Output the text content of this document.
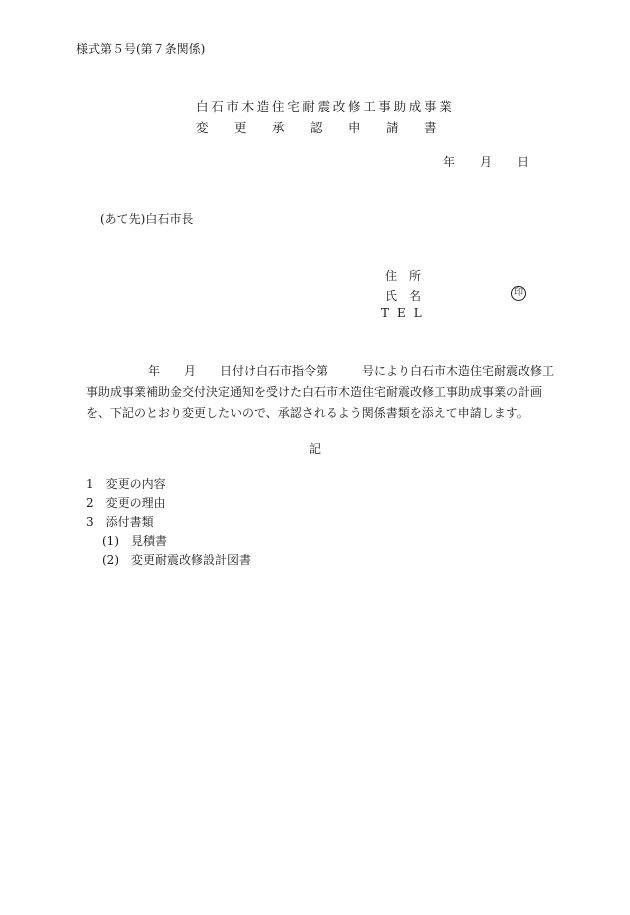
様式第５号(第７条関係)
白石市木造住宅耐震改修工事助成事業
変 更 承 認 申 請 書
年 月 日
(あて先)白石市長
住所
氏名	印
TEL
年 月 日付け白石市指令第	号により白石市木造住宅耐震改修工
事助成事業補助金交付決定通知を受けた白石市木造住宅耐震改修工事助成事業の計画
を、下記のとおり変更したいので、承認されるよう関係書類を添えて申請します。
記
1　 変更の内容
2　 変更の理由
3　 添付書類
(1)　 見積書
(2)　 変更耐震改修設計図書
